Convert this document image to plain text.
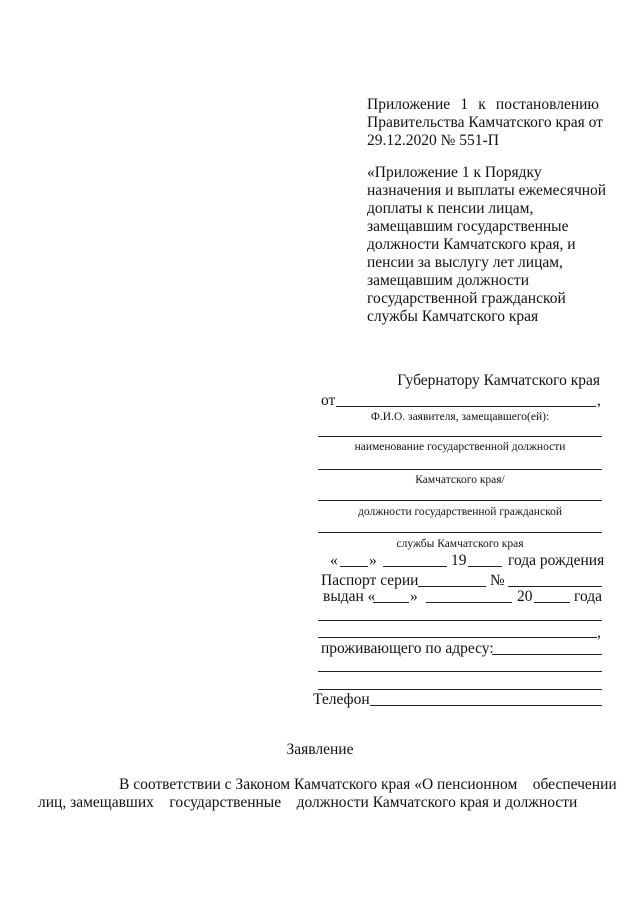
Приложение 1 к постановлению
Правительства Камчатского края от
29.12.2020 № 551-П
«Приложение 1 к Порядку
назначения и выплаты ежемесячной
доплаты к пенсии лицам,
замещавшим государственные
должности Камчатского края, и
пенсии за выслугу лет лицам,
замещавшим должности
государственной гражданской
службы Камчатского края
Губернатору Камчатского края
от	,
Ф.И.О. заявителя, замещавшего(ей):
наименование государственной должности
Камчатского края/
должности государственной гражданской
службы Камчатского края
« »	19	года рождения
Паспорт серии	№
выдан « »	20	года
,
проживающего по адресу:
Телефон
Заявление
В соответствии с Законом Камчатского края «О пенсионном    обеспечении
лиц, замещавших    государственные    должности Камчатского края и должности
